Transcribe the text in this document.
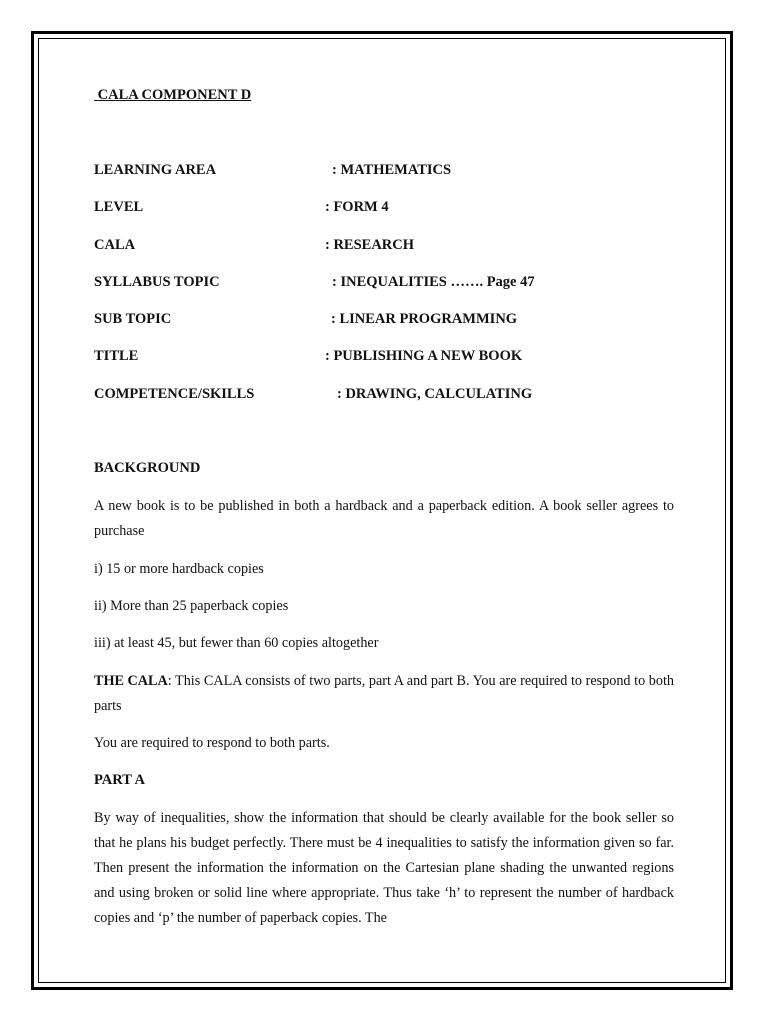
CALA COMPONENT D
LEARNING AREA	: MATHEMATICS
LEVEL	: FORM 4
CALA	: RESEARCH
SYLLABUS TOPIC	: INEQUALITIES ……. Page 47
SUB TOPIC	: LINEAR PROGRAMMING
TITLE	: PUBLISHING A NEW BOOK
COMPETENCE/SKILLS	: DRAWING, CALCULATING
BACKGROUND
A new book is to be published in both a hardback and a paperback edition. A book seller agrees to purchase
i) 15 or more hardback copies
ii) More than 25 paperback copies
iii) at least 45, but fewer than 60 copies altogether
THE CALA: This CALA consists of two parts, part A and part B. You are required to respond to both parts
You are required to respond to both parts.
PART A
By way of inequalities, show the information that should be clearly available for the book seller so that he plans his budget perfectly. There must be 4 inequalities to satisfy the information given so far. Then present the information the information on the Cartesian plane shading the unwanted regions and using broken or solid line where appropriate. Thus take ‘h’ to represent the number of hardback copies and ‘p’ the number of paperback copies. The
